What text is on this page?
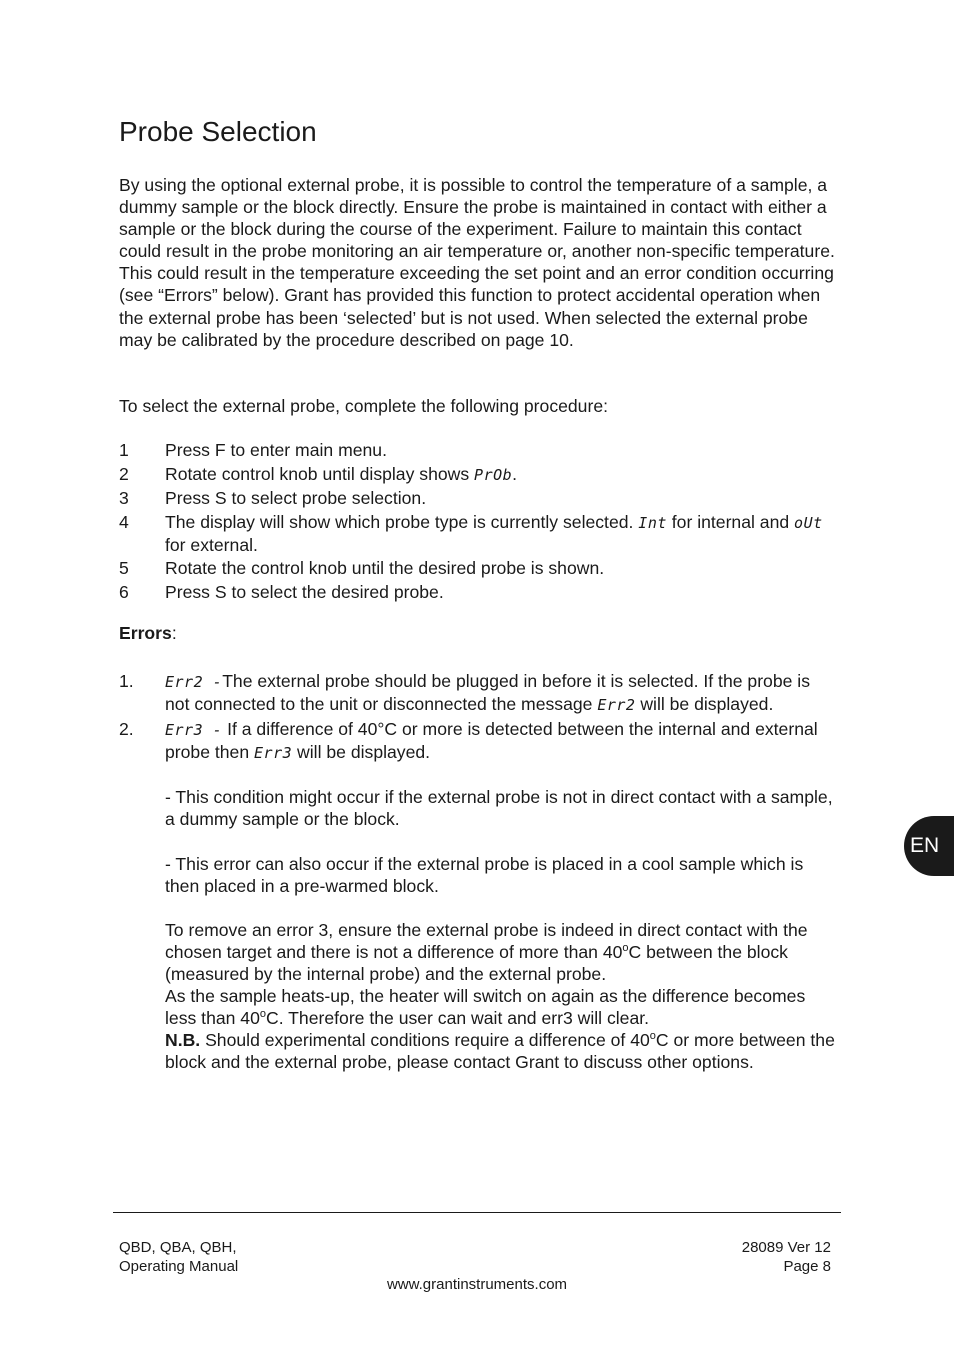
Probe Selection

By using the optional external probe, it is possible to control the temperature of a sample, a dummy sample or the block directly. Ensure the probe is maintained in contact with either a sample or the block during the course of the experiment. Failure to maintain this contact could result in the probe monitoring an air temperature or, another non-specific temperature. This could result in the temperature exceeding the set point and an error condition occurring (see “Errors” below). Grant has provided this function to protect accidental operation when the external probe has been ‘selected’ but is not used. When selected the external probe may be calibrated by the procedure described on page 10.

To select the external probe, complete the following procedure:

1 Press F to enter main menu.
2 Rotate control knob until display shows PrOb.
3 Press S to select probe selection.
4 The display will show which probe type is currently selected. Int for internal and oUt for external.
5 Rotate the control knob until the desired probe is shown.
6 Press S to select the desired probe.
Errors:
1. Err2 -The external probe should be plugged in before it is selected. If the probe is not connected to the unit or disconnected the message Err2 will be displayed.
2. Err3 - If a difference of 40°C or more is detected between the internal and external probe then Err3 will be displayed.
- This condition might occur if the external probe is not in direct contact with a sample, a dummy sample or the block.
- This error can also occur if the external probe is placed in a cool sample which is then placed in a pre-warmed block.
To remove an error 3, ensure the external probe is indeed in direct contact with the chosen target and there is not a difference of more than 40$^o$C between the block (measured by the internal probe) and the external probe.
As the sample heats-up, the heater will switch on again as the difference becomes less than 40$^o$C. Therefore the user can wait and err3 will clear.
N.B. Should experimental conditions require a difference of 40$^o$C or more between the block and the external probe, please contact Grant to discuss other options.
EN
QBD, QBA, QBH,
Operating Manual
28089 Ver 12
Page 8
www.grantinstruments.com
